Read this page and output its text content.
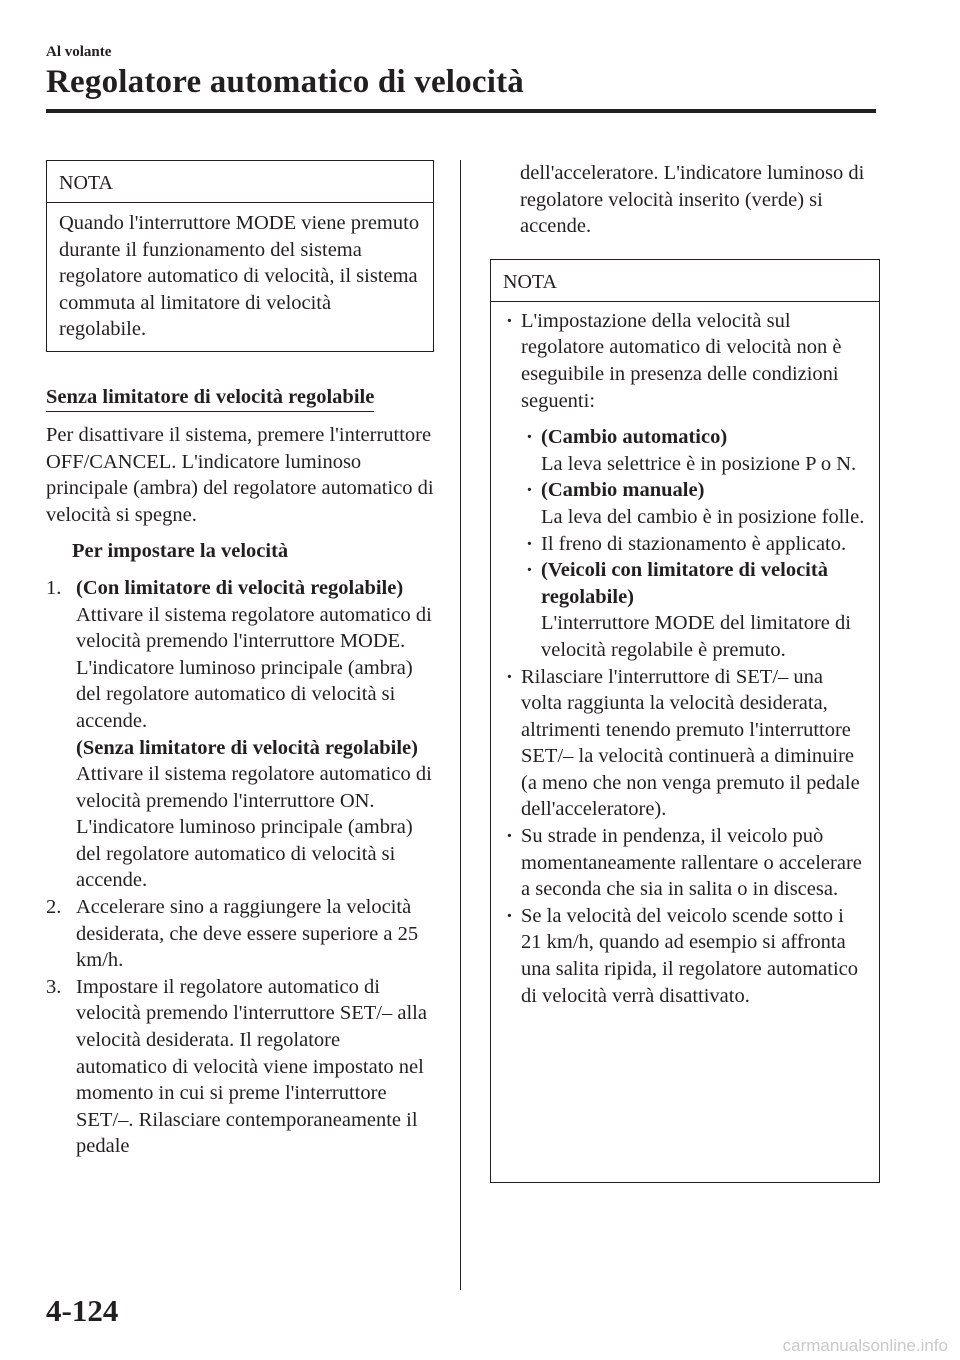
Al volante
Regolatore automatico di velocità
NOTA
Quando l'interruttore MODE viene premuto durante il funzionamento del sistema regolatore automatico di velocità, il sistema commuta al limitatore di velocità regolabile.
Senza limitatore di velocità regolabile

Per disattivare il sistema, premere l'interruttore OFF/CANCEL. L'indicatore luminoso principale (ambra) del regolatore automatico di velocità si spegne.

Per impostare la velocità

1. (Con limitatore di velocità regolabile)
Attivare il sistema regolatore automatico di velocità premendo l'interruttore MODE. L'indicatore luminoso principale (ambra) del regolatore automatico di velocità si accende.
(Senza limitatore di velocità regolabile)
Attivare il sistema regolatore automatico di velocità premendo l'interruttore ON. L'indicatore luminoso principale (ambra) del regolatore automatico di velocità si accende.
2. Accelerare sino a raggiungere la velocità desiderata, che deve essere superiore a 25 km/h.
3. Impostare il regolatore automatico di velocità premendo l'interruttore SET/– alla velocità desiderata. Il regolatore automatico di velocità viene impostato nel momento in cui si preme l'interruttore SET/–. Rilasciare contemporaneamente il pedale

dell'acceleratore. L'indicatore luminoso di regolatore velocità inserito (verde) si accende.

NOTA
· L'impostazione della velocità sul regolatore automatico di velocità non è eseguibile in presenza delle condizioni seguenti:
· (Cambio automatico)
La leva selettrice è in posizione P o N.
· (Cambio manuale)
La leva del cambio è in posizione folle.
· Il freno di stazionamento è applicato.
· (Veicoli con limitatore di velocità regolabile)
L'interruttore MODE del limitatore di velocità regolabile è premuto.
· Rilasciare l'interruttore di SET/– una volta raggiunta la velocità desiderata, altrimenti tenendo premuto l'interruttore SET/– la velocità continuerà a diminuire (a meno che non venga premuto il pedale dell'acceleratore).
· Su strade in pendenza, il veicolo può momentaneamente rallentare o accelerare a seconda che sia in salita o in discesa.
· Se la velocità del veicolo scende sotto i 21 km/h, quando ad esempio si affronta una salita ripida, il regolatore automatico di velocità verrà disattivato.
4-124
carmanualsonline.info
